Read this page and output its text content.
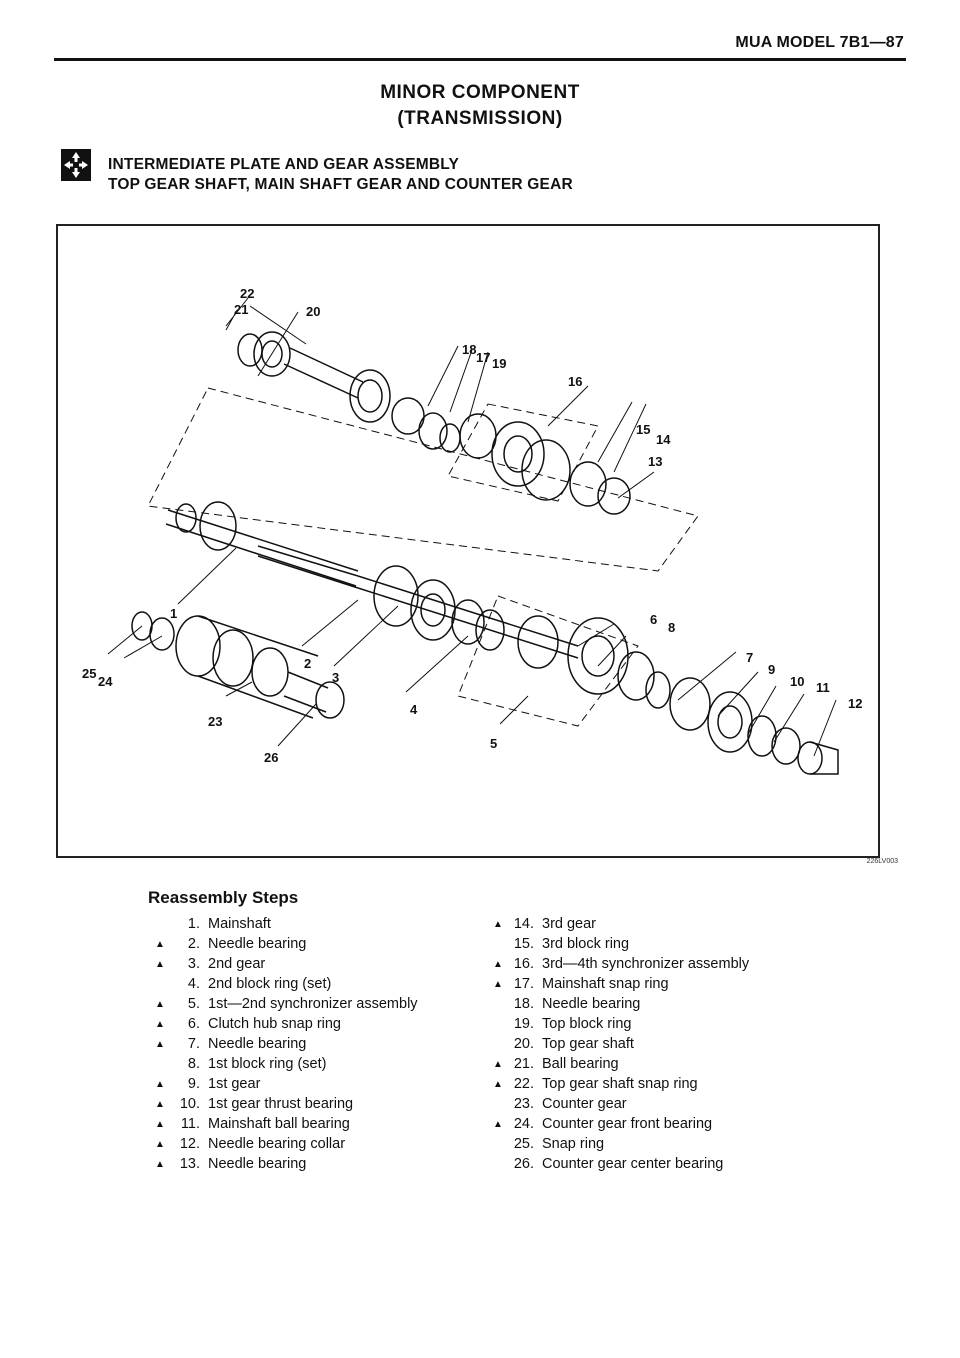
MUA MODEL 7B1—87
MINOR COMPONENT
(TRANSMISSION)
INTERMEDIATE PLATE AND GEAR ASSEMBLY
TOP GEAR SHAFT, MAIN SHAFT GEAR AND COUNTER GEAR
1
2
3
4
5
6
7
8
9
10 11
12
13
14
15
16
17
18
19
20
21
22
23
24
25
26
226LV003
Reassembly Steps
1. Mainshaft
▲	2. Needle bearing
▲	3. 2nd gear
4. 2nd block ring (set)
▲	5. 1st—2nd synchronizer assembly
▲	6. Clutch hub snap ring
▲	7. Needle bearing
8. 1st block ring (set)
▲	9. 1st gear
▲	10. 1st gear thrust bearing
▲	11. Mainshaft ball bearing
▲	12. Needle bearing collar
▲	13. Needle bearing
▲ 14. 3rd gear
15. 3rd block ring
▲ 16. 3rd—4th synchronizer assembly
▲ 17. Mainshaft snap ring
18. Needle bearing
19. Top block ring
20. Top gear shaft
▲ 21. Ball bearing
▲ 22. Top gear shaft snap ring
23. Counter gear
▲ 24. Counter gear front bearing
25. Snap ring
26. Counter gear center bearing
